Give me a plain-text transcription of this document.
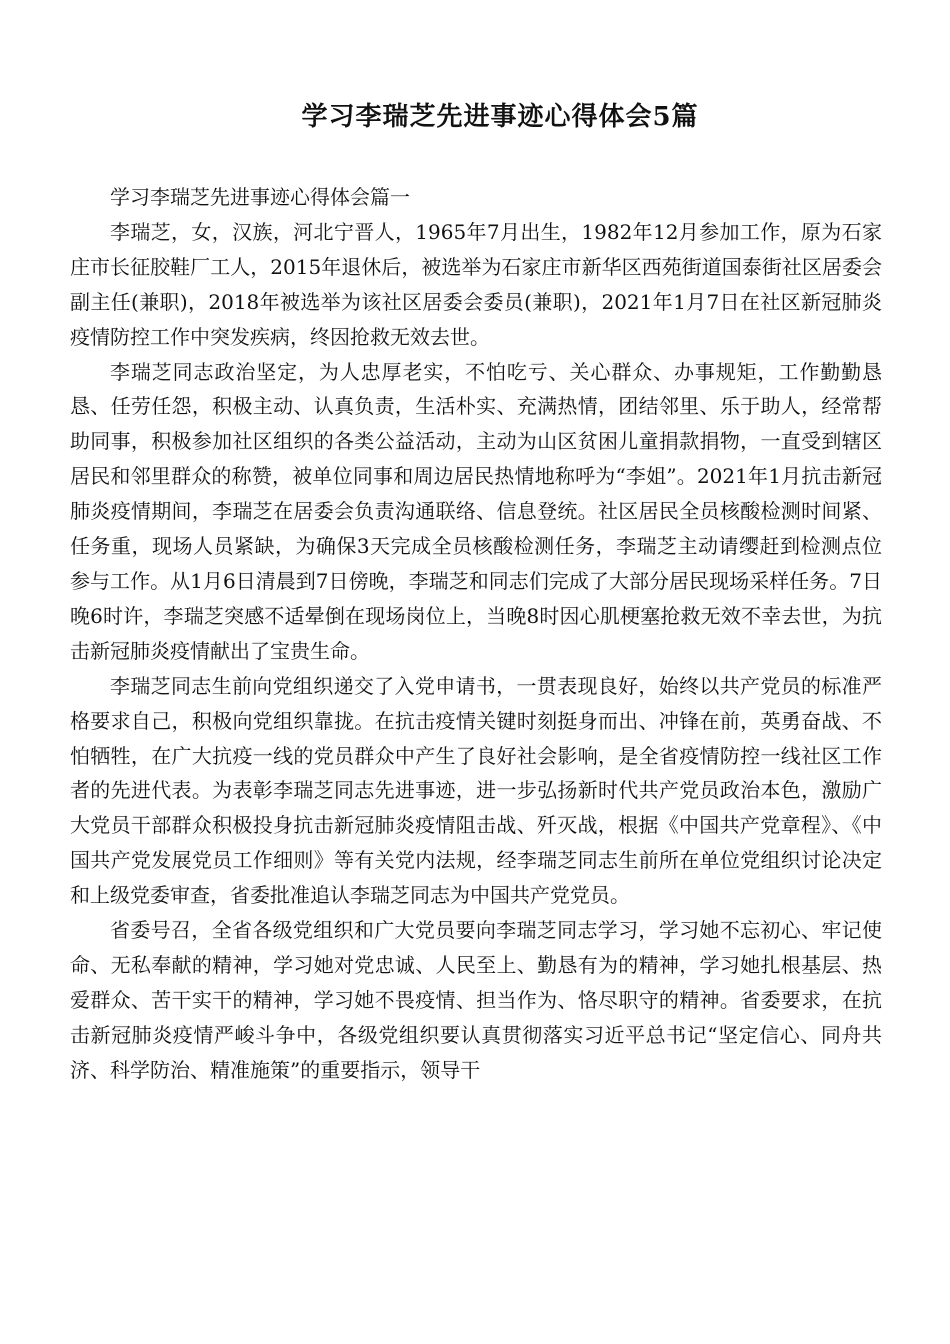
学习李瑞芝先进事迹心得体会5篇

学习李瑞芝先进事迹心得体会篇一

李瑞芝，女，汉族，河北宁晋人，1965年7月出生，1982年12月参加工作，原为石家庄市长征胶鞋厂工人，2015年退休后，被选举为石家庄市新华区西苑街道国泰街社区居委会副主任(兼职)，2018年被选举为该社区居委会委员(兼职)，2021年1月7日在社区新冠肺炎疫情防控工作中突发疾病，终因抢救无效去世。

李瑞芝同志政治坚定，为人忠厚老实，不怕吃亏、关心群众、办事规矩，工作勤勤恳恳、任劳任怨，积极主动、认真负责，生活朴实、充满热情，团结邻里、乐于助人，经常帮助同事，积极参加社区组织的各类公益活动，主动为山区贫困儿童捐款捐物，一直受到辖区居民和邻里群众的称赞，被单位同事和周边居民热情地称呼为“李姐”。2021年1月抗击新冠肺炎疫情期间，李瑞芝在居委会负责沟通联络、信息登统。社区居民全员核酸检测时间紧、任务重，现场人员紧缺，为确保3天完成全员核酸检测任务，李瑞芝主动请缨赶到检测点位参与工作。从1月6日清晨到7日傍晚，李瑞芝和同志们完成了大部分居民现场采样任务。7日晚6时许，李瑞芝突感不适晕倒在现场岗位上，当晚8时因心肌梗塞抢救无效不幸去世，为抗击新冠肺炎疫情献出了宝贵生命。

李瑞芝同志生前向党组织递交了入党申请书，一贯表现良好，始终以共产党员的标准严格要求自己，积极向党组织靠拢。在抗击疫情关键时刻挺身而出、冲锋在前，英勇奋战、不怕牺牲，在广大抗疫一线的党员群众中产生了良好社会影响，是全省疫情防控一线社区工作者的先进代表。为表彰李瑞芝同志先进事迹，进一步弘扬新时代共产党员政治本色，激励广大党员干部群众积极投身抗击新冠肺炎疫情阻击战、歼灭战，根据《中国共产党章程》、《中国共产党发展党员工作细则》等有关党内法规，经李瑞芝同志生前所在单位党组织讨论决定和上级党委审查，省委批准追认李瑞芝同志为中国共产党党员。

省委号召，全省各级党组织和广大党员要向李瑞芝同志学习，学习她不忘初心、牢记使命、无私奉献的精神，学习她对党忠诚、人民至上、勤恳有为的精神，学习她扎根基层、热爱群众、苦干实干的精神，学习她不畏疫情、担当作为、恪尽职守的精神。省委要求，在抗击新冠肺炎疫情严峻斗争中，各级党组织要认真贯彻落实习近平总书记“坚定信心、同舟共济、科学防治、精准施策”的重要指示，领导干
